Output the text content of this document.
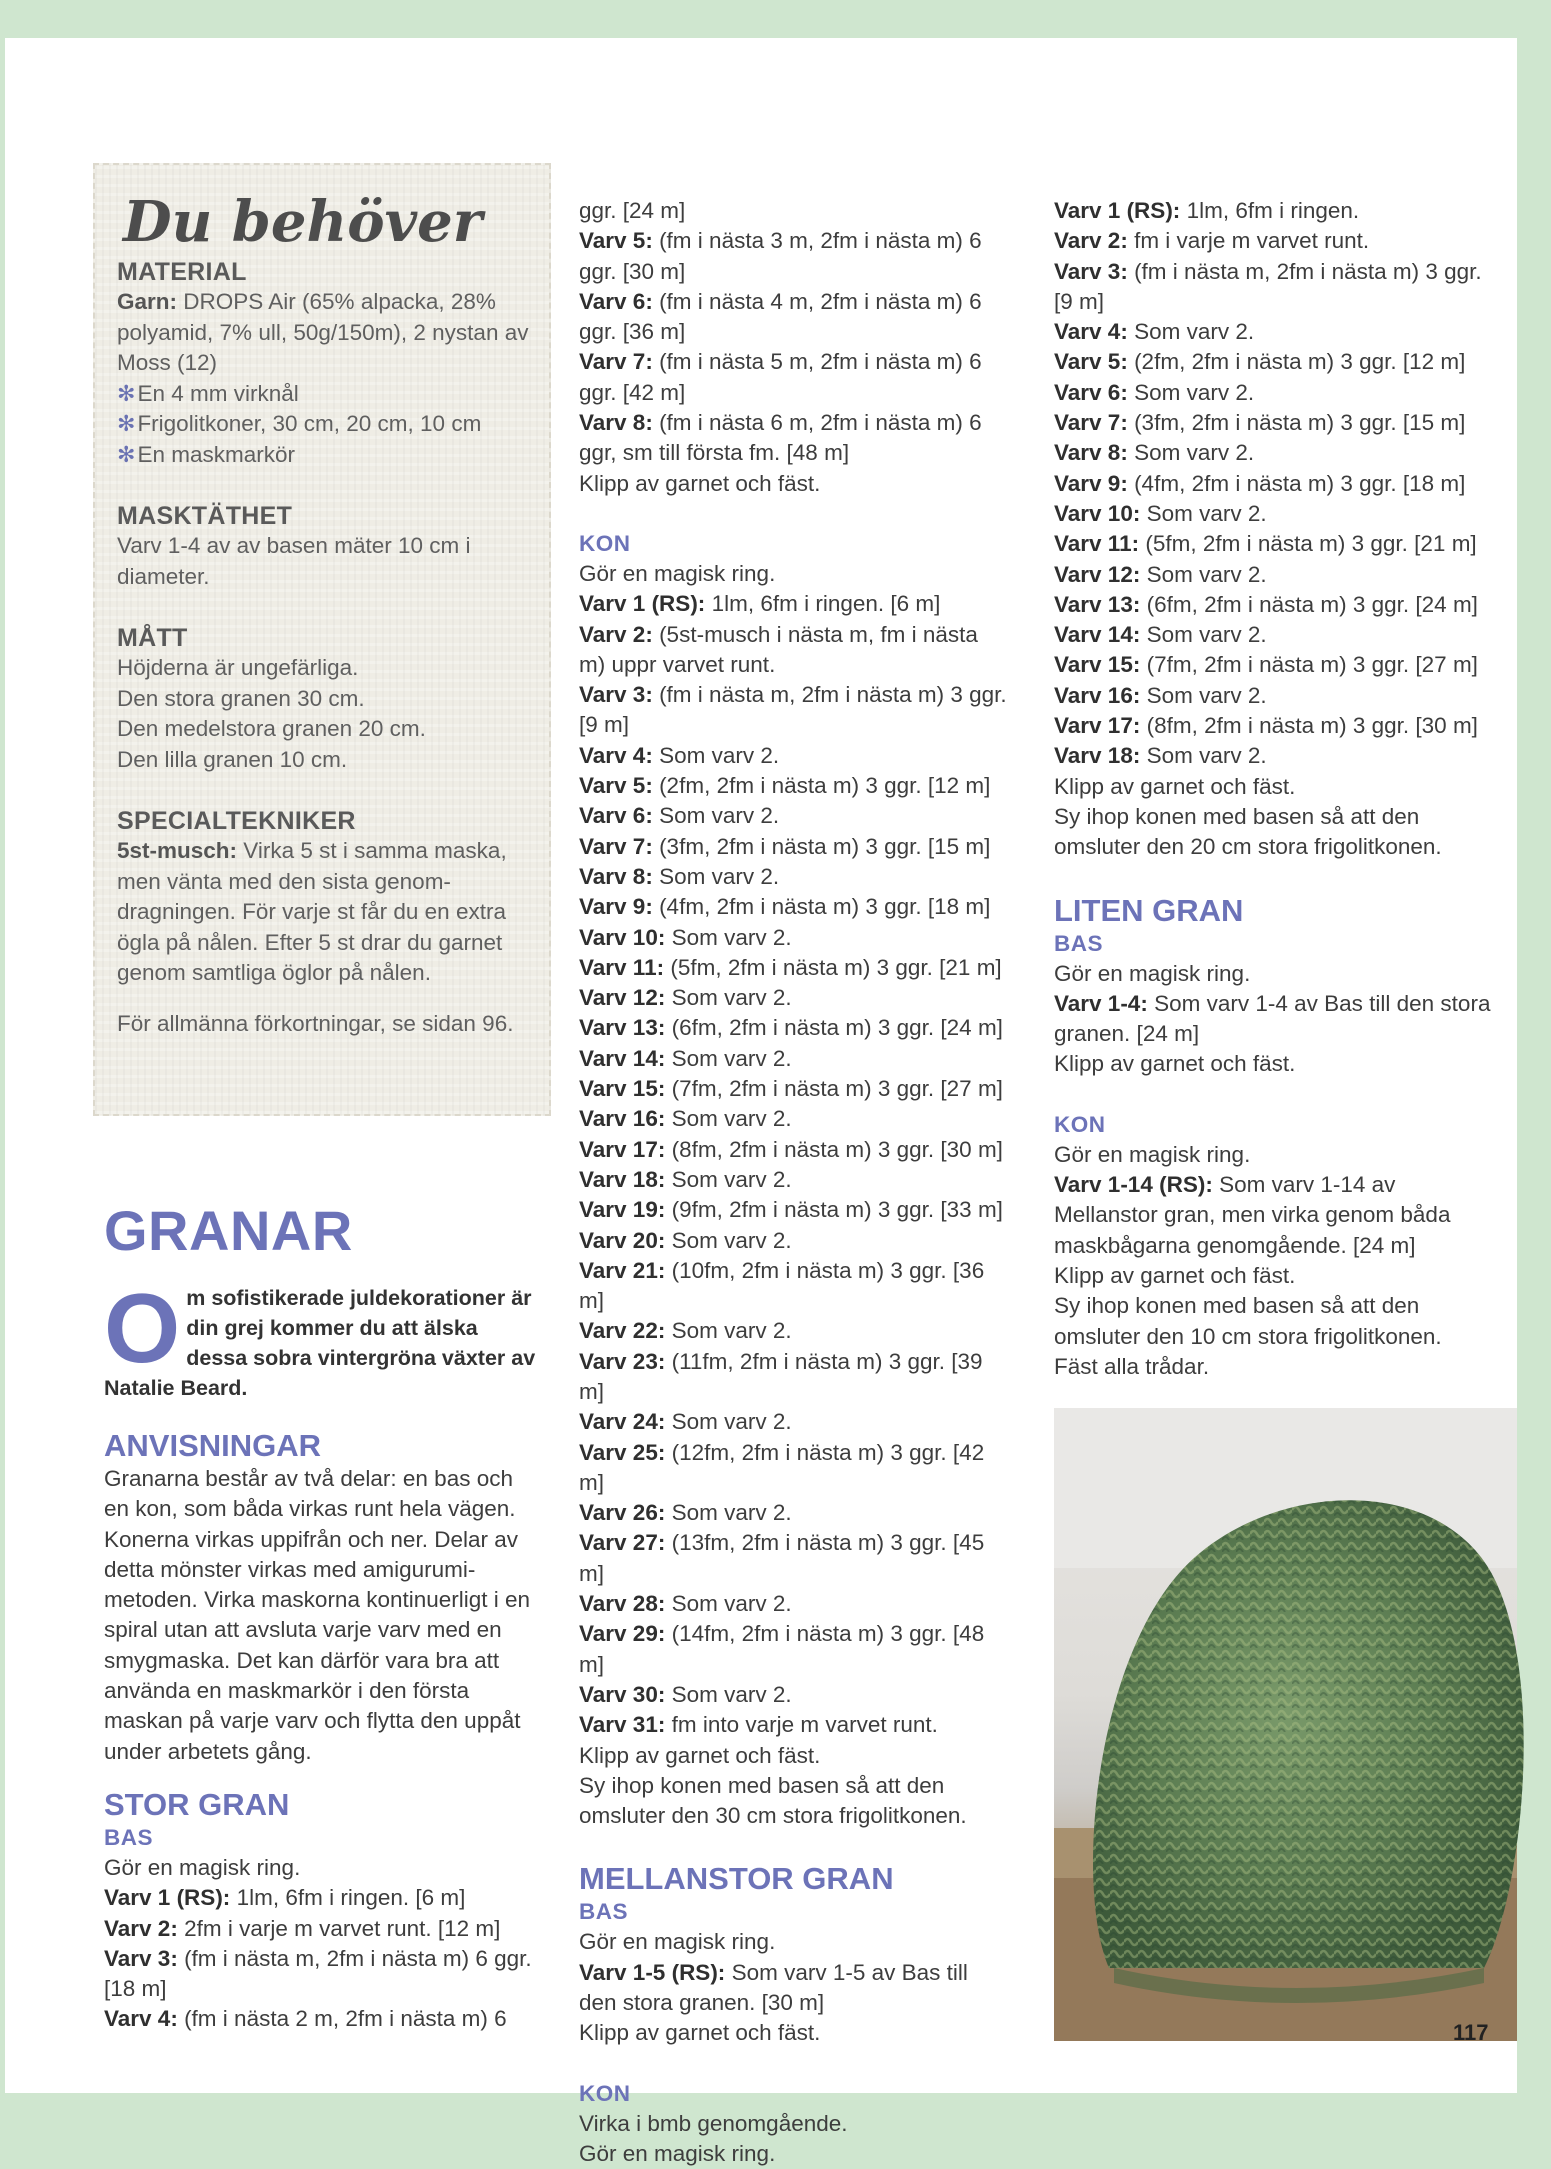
Du behöver
MATERIAL
Garn: DROPS Air (65% alpacka, 28% polyamid, 7% ull, 50g/150m), 2 nystan av Moss (12)
✻En 4 mm virknål
✻Frigolitkoner, 30 cm, 20 cm, 10 cm
✻En maskmarkör
MASKTÄTHET
Varv 1-4 av av basen mäter 10 cm i diameter.
MÅTT
Höjderna är ungefärliga.
Den stora granen 30 cm.
Den medelstora granen 20 cm.
Den lilla granen 10 cm.
SPECIALTEKNIKER
5st-musch: Virka 5 st i samma maska, men vänta med den sista genom-dragningen. För varje st får du en extra ögla på nålen. Efter 5 st drar du garnet genom samtliga öglor på nålen.
För allmänna förkortningar, se sidan 96.
GRANAR
Om sofistikerade juldekorationer är din grej kommer du att älska dessa sobra vintergröna växter av Natalie Beard.
ANVISNINGAR
Granarna består av två delar: en bas och en kon, som båda virkas runt hela vägen. Konerna virkas uppifrån och ner. Delar av detta mönster virkas med amigurumi-metoden. Virka maskorna kontinuerligt i en spiral utan att avsluta varje varv med en smygmaska. Det kan därför vara bra att använda en maskmarkör i den första maskan på varje varv och flytta den uppåt under arbetets gång.
STOR GRAN
BAS
Gör en magisk ring.
Varv 1 (RS): 1lm, 6fm i ringen. [6 m]
Varv 2: 2fm i varje m varvet runt. [12 m]
Varv 3: (fm i nästa m, 2fm i nästa m) 6 ggr. [18 m]
Varv 4: (fm i nästa 2 m, 2fm i nästa m) 6
ggr. [24 m]
Varv 5: (fm i nästa 3 m, 2fm i nästa m) 6 ggr. [30 m]
Varv 6: (fm i nästa 4 m, 2fm i nästa m) 6 ggr. [36 m]
Varv 7: (fm i nästa 5 m, 2fm i nästa m) 6 ggr. [42 m]
Varv 8: (fm i nästa 6 m, 2fm i nästa m) 6 ggr, sm till första fm. [48 m]
Klipp av garnet och fäst.
KON
Gör en magisk ring.
Varv 1 (RS): 1lm, 6fm i ringen. [6 m]
Varv 2: (5st-musch i nästa m, fm i nästa m) uppr varvet runt.
Varv 3: (fm i nästa m, 2fm i nästa m) 3 ggr. [9 m]
Varv 4: Som varv 2.
Varv 5: (2fm, 2fm i nästa m) 3 ggr. [12 m]
Varv 6: Som varv 2.
Varv 7: (3fm, 2fm i nästa m) 3 ggr. [15 m]
Varv 8: Som varv 2.
Varv 9: (4fm, 2fm i nästa m) 3 ggr. [18 m]
Varv 10: Som varv 2.
Varv 11: (5fm, 2fm i nästa m) 3 ggr. [21 m]
Varv 12: Som varv 2.
Varv 13: (6fm, 2fm i nästa m) 3 ggr. [24 m]
Varv 14: Som varv 2.
Varv 15: (7fm, 2fm i nästa m) 3 ggr. [27 m]
Varv 16: Som varv 2.
Varv 17: (8fm, 2fm i nästa m) 3 ggr. [30 m]
Varv 18: Som varv 2.
Varv 19: (9fm, 2fm i nästa m) 3 ggr. [33 m]
Varv 20: Som varv 2.
Varv 21: (10fm, 2fm i nästa m) 3 ggr. [36 m]
Varv 22: Som varv 2.
Varv 23: (11fm, 2fm i nästa m) 3 ggr. [39 m]
Varv 24: Som varv 2.
Varv 25: (12fm, 2fm i nästa m) 3 ggr. [42 m]
Varv 26: Som varv 2.
Varv 27: (13fm, 2fm i nästa m) 3 ggr. [45 m]
Varv 28: Som varv 2.
Varv 29: (14fm, 2fm i nästa m) 3 ggr. [48 m]
Varv 30: Som varv 2.
Varv 31: fm into varje m varvet runt.
Klipp av garnet och fäst.
Sy ihop konen med basen så att den omsluter den 30 cm stora frigolitkonen.
MELLANSTOR GRAN
BAS
Gör en magisk ring.
Varv 1-5 (RS): Som varv 1-5 av Bas till den stora granen. [30 m]
Klipp av garnet och fäst.
KON
Virka i bmb genomgående.
Gör en magisk ring.
Varv 1 (RS): 1lm, 6fm i ringen.
Varv 2: fm i varje m varvet runt.
Varv 3: (fm i nästa m, 2fm i nästa m) 3 ggr. [9 m]
Varv 4: Som varv 2.
Varv 5: (2fm, 2fm i nästa m) 3 ggr. [12 m]
Varv 6: Som varv 2.
Varv 7: (3fm, 2fm i nästa m) 3 ggr. [15 m]
Varv 8: Som varv 2.
Varv 9: (4fm, 2fm i nästa m) 3 ggr. [18 m]
Varv 10: Som varv 2.
Varv 11: (5fm, 2fm i nästa m) 3 ggr. [21 m]
Varv 12: Som varv 2.
Varv 13: (6fm, 2fm i nästa m) 3 ggr. [24 m]
Varv 14: Som varv 2.
Varv 15: (7fm, 2fm i nästa m) 3 ggr. [27 m]
Varv 16: Som varv 2.
Varv 17: (8fm, 2fm i nästa m) 3 ggr. [30 m]
Varv 18: Som varv 2.
Klipp av garnet och fäst.
Sy ihop konen med basen så att den omsluter den 20 cm stora frigolitkonen.
LITEN GRAN
BAS
Gör en magisk ring.
Varv 1-4: Som varv 1-4 av Bas till den stora granen. [24 m]
Klipp av garnet och fäst.
KON
Gör en magisk ring.
Varv 1-14 (RS): Som varv 1-14 av Mellanstor gran, men virka genom båda maskbågarna genomgående. [24 m]
Klipp av garnet och fäst.
Sy ihop konen med basen så att den omsluter den 10 cm stora frigolitkonen.
Fäst alla trådar.
117
